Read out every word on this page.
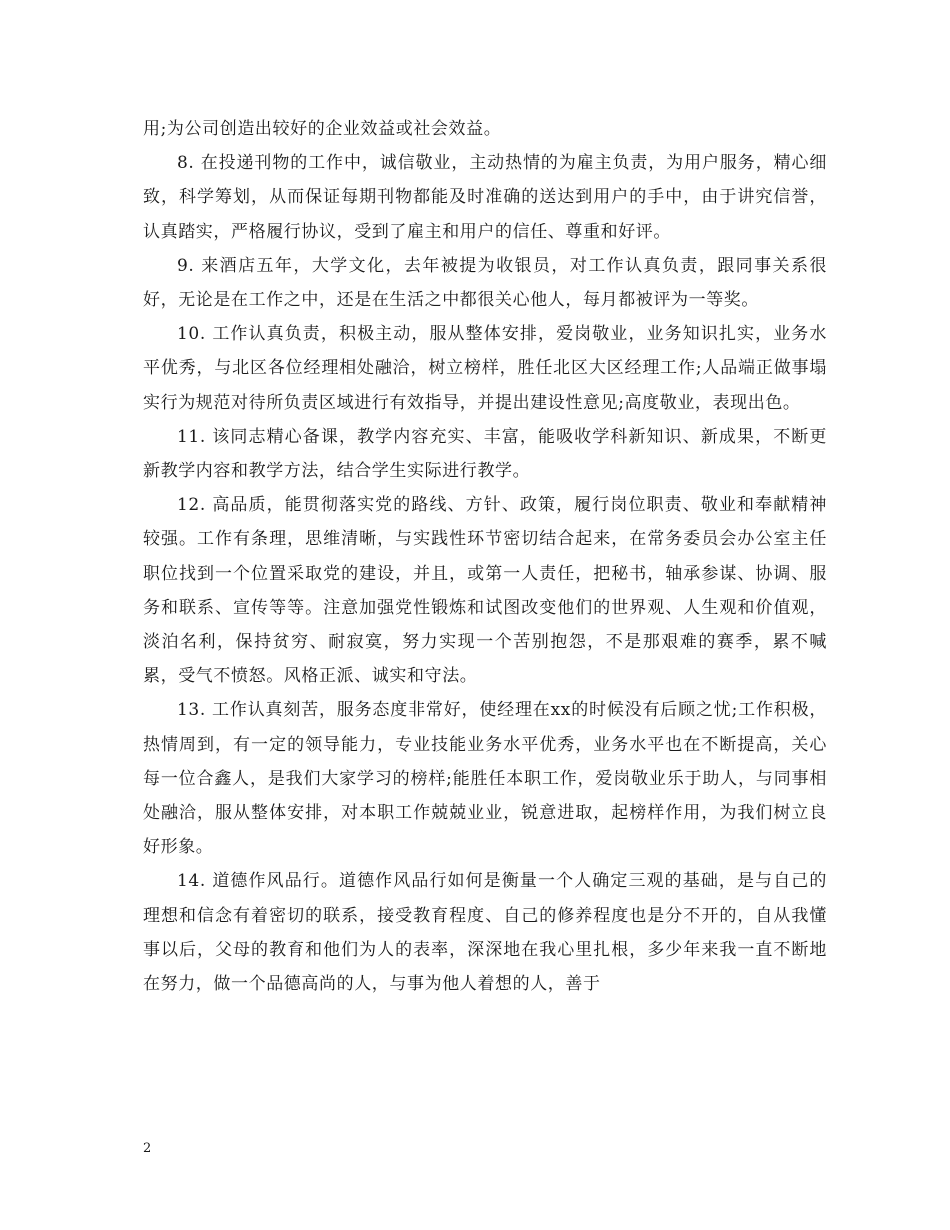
用;为公司创造出较好的企业效益或社会效益。

8. 在投递刊物的工作中，诚信敬业，主动热情的为雇主负责，为用户服务，精心细致，科学筹划，从而保证每期刊物都能及时准确的送达到用户的手中，由于讲究信誉，认真踏实，严格履行协议，受到了雇主和用户的信任、尊重和好评。

9. 来酒店五年，大学文化，去年被提为收银员，对工作认真负责，跟同事关系很好，无论是在工作之中，还是在生活之中都很关心他人，每月都被评为一等奖。

10. 工作认真负责，积极主动，服从整体安排，爱岗敬业，业务知识扎实，业务水平优秀，与北区各位经理相处融洽，树立榜样，胜任北区大区经理工作;人品端正做事塌实行为规范对待所负责区域进行有效指导，并提出建设性意见;高度敬业，表现出色。

11. 该同志精心备课，教学内容充实、丰富，能吸收学科新知识、新成果，不断更新教学内容和教学方法，结合学生实际进行教学。

12. 高品质，能贯彻落实党的路线、方针、政策，履行岗位职责、敬业和奉献精神较强。工作有条理，思维清晰，与实践性环节密切结合起来，在常务委员会办公室主任职位找到一个位置采取党的建设，并且，或第一人责任，把秘书，轴承参谋、协调、服务和联系、宣传等等。注意加强党性锻炼和试图改变他们的世界观、人生观和价值观，淡泊名利，保持贫穷、耐寂寞，努力实现一个苦别抱怨，不是那艰难的赛季，累不喊累，受气不愤怒。风格正派、诚实和守法。

13. 工作认真刻苦，服务态度非常好，使经理在xx的时候没有后顾之忧;工作积极，热情周到，有一定的领导能力，专业技能业务水平优秀，业务水平也在不断提高，关心每一位合鑫人，是我们大家学习的榜样;能胜任本职工作，爱岗敬业乐于助人，与同事相处融洽，服从整体安排，对本职工作兢兢业业，锐意进取，起榜样作用，为我们树立良好形象。

14. 道德作风品行。道德作风品行如何是衡量一个人确定三观的基础，是与自己的理想和信念有着密切的联系，接受教育程度、自己的修养程度也是分不开的，自从我懂事以后，父母的教育和他们为人的表率，深深地在我心里扎根，多少年来我一直不断地在努力，做一个品德高尚的人，与事为他人着想的人，善于

2
